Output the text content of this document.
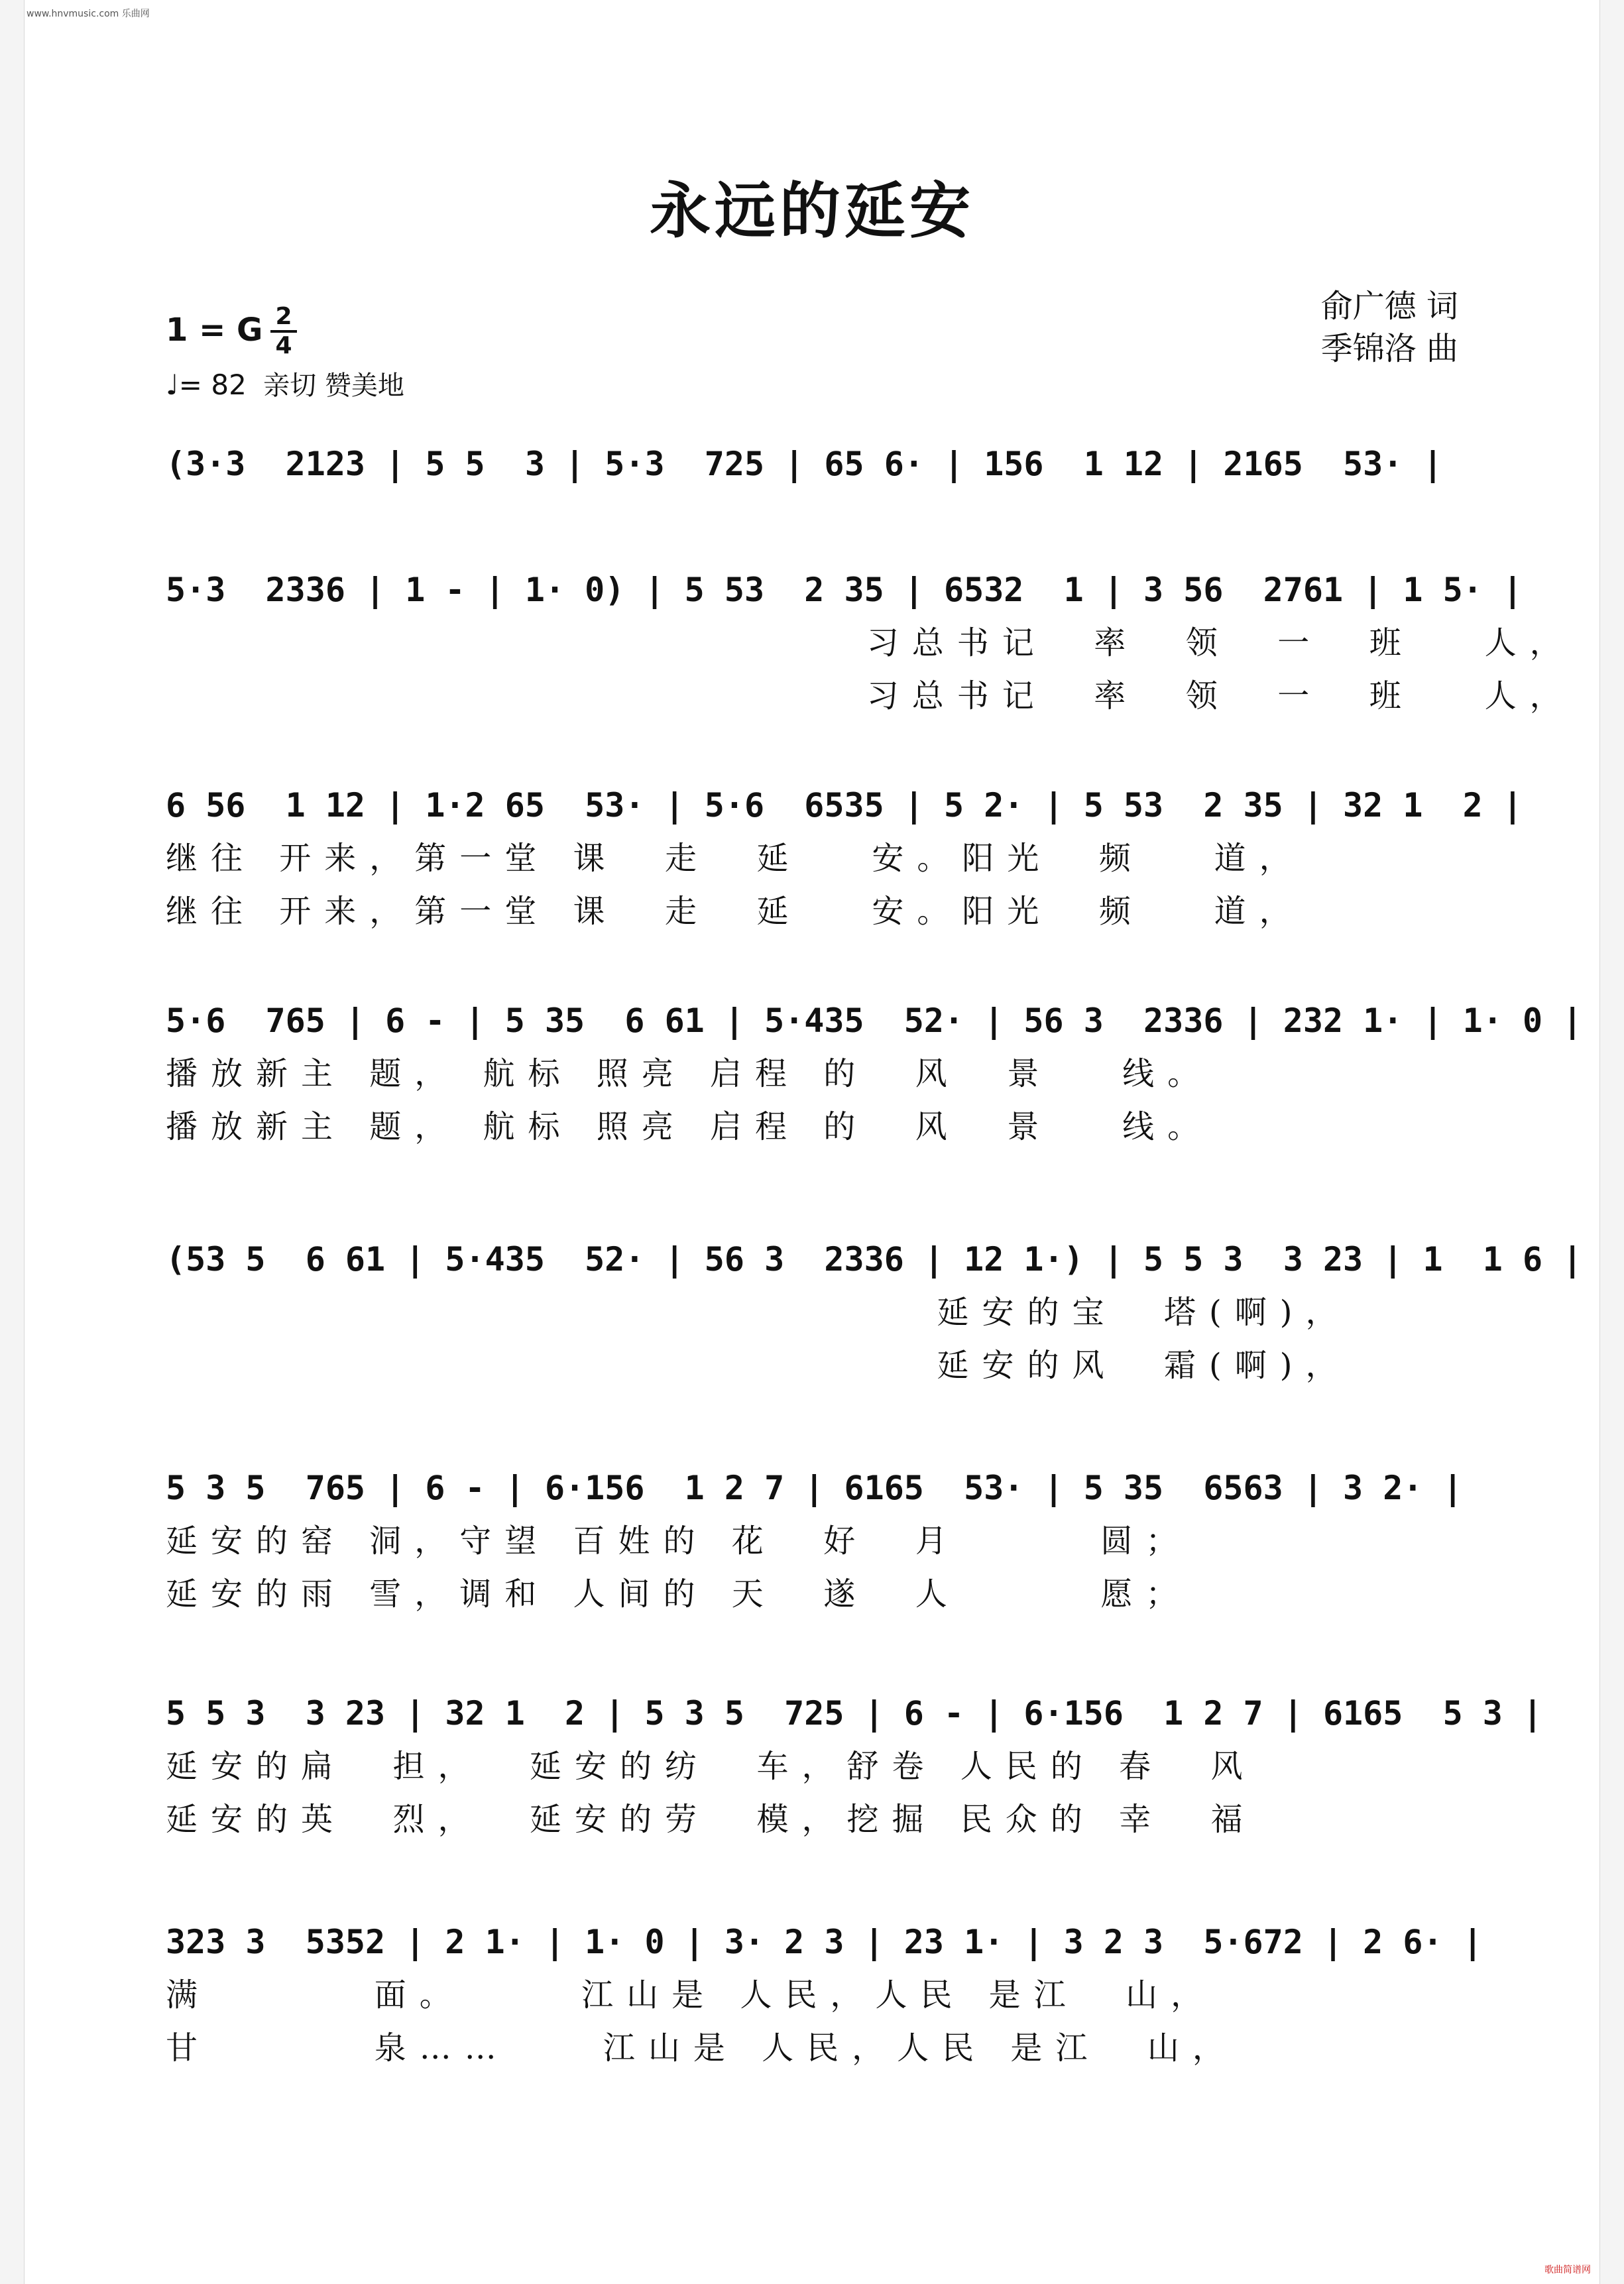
www.hnvmusic.com 乐曲网
永远的延安
俞广德 词
季锦洛 曲
1 = G 2
4
♩= 82 亲切 赞美地
(3·3  2123 | 5 5  3 | 5·3  725 | 65 6· | 156  1 12 | 2165  53· |
5·3  2336 | 1 - | 1· 0) | 5 53  2 35 | 6532  1 | 3 56  2761 | 1 5· |
习总书记  率  领  一  班   人，
习总书记  率  领  一  班   人，
6 56  1 12 | 1·2 65  53· | 5·6  6535 | 5 2· | 5 53  2 35 | 32 1  2 |
继往 开来，第一堂 课  走  延   安。阳光  频   道，
继往 开来，第一堂 课  走  延   安。阳光  频   道，
5·6  765 | 6 - | 5 35  6 61 | 5·435  52· | 56 3  2336 | 232 1· | 1· 0 |
播放新主 题， 航标 照亮 启程 的  风  景   线。
播放新主 题， 航标 照亮 启程 的  风  景   线。
(53 5  6 61 | 5·435  52· | 56 3  2336 | 12 1·) | 5 5 3  3 23 | 1  1 6 |
延安的宝  塔(啊)，
延安的风  霜(啊)，
5 3 5  765 | 6 - | 6·156  1 2 7 | 6165  53· | 5 35  6563 | 3 2· |
延安的窑 洞，守望 百姓的 花  好  月      圆；
延安的雨 雪，调和 人间的 天  遂  人      愿；
5 5 3  3 23 | 32 1  2 | 5 3 5  725 | 6 - | 6·156  1 2 7 | 6165  5 3 |
延安的扁  担，  延安的纺  车，舒卷 人民的 春  风
延安的英  烈，  延安的劳  模，挖掘 民众的 幸  福
323 3  5352 | 2 1· | 1· 0 | 3· 2 3 | 23 1· | 3 2 3  5·672 | 2 6· |
满       面。     江山是 人民，人民 是江  山，
甘       泉……    江山是 人民，人民 是江  山，
歌曲简谱网
